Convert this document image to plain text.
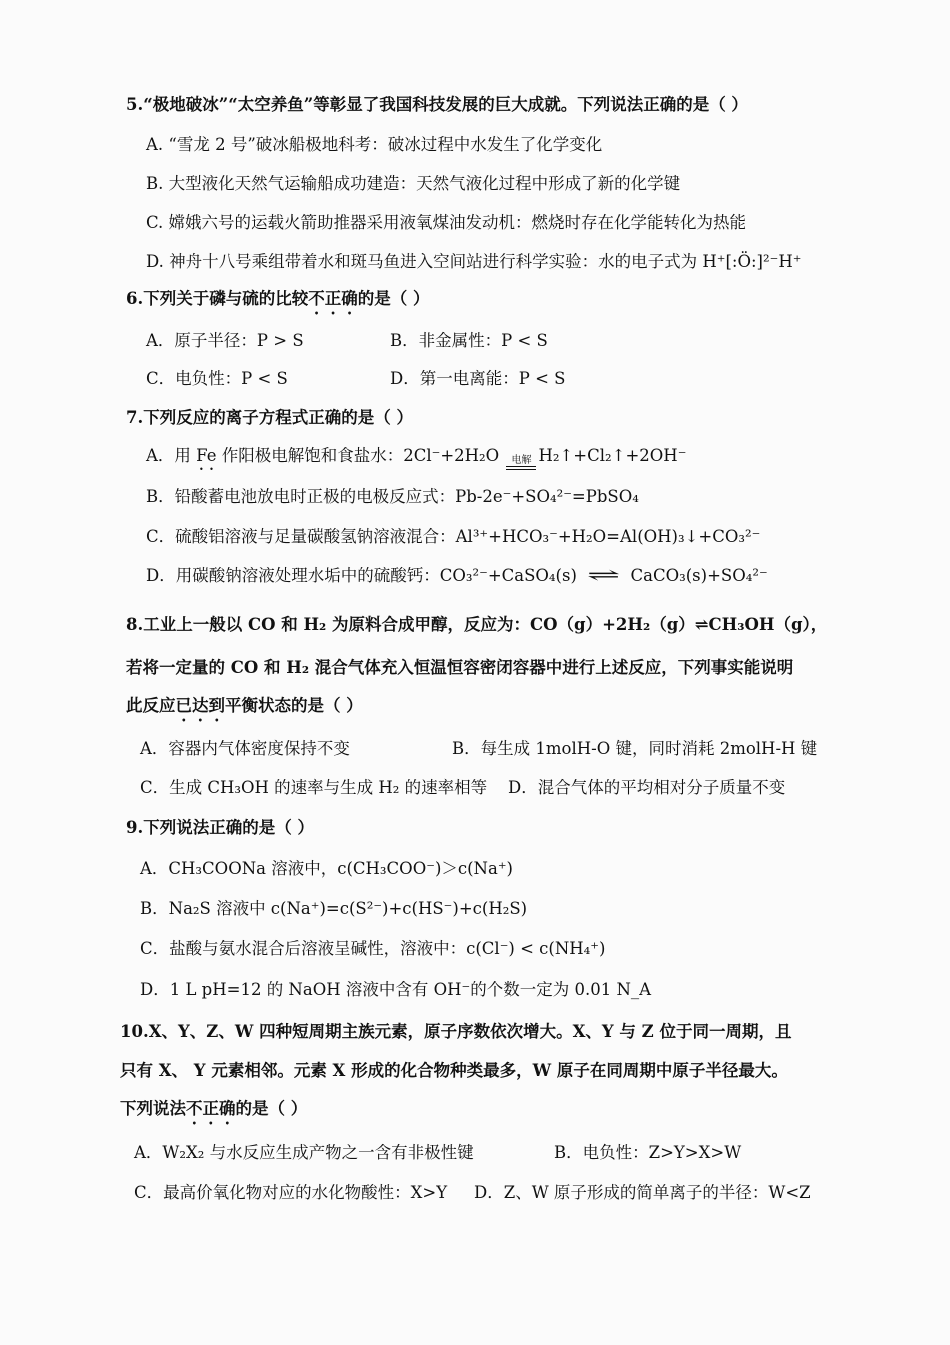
5.“极地破冰”“太空养鱼”等彰显了我国科技发展的巨大成就。下列说法正确的是（ ）
A. “雪龙 2 号”破冰船极地科考：破冰过程中水发生了化学变化
B. 大型液化天然气运输船成功建造：天然气液化过程中形成了新的化学键
C. 嫦娥六号的运载火箭助推器采用液氧煤油发动机：燃烧时存在化学能转化为热能
D. 神舟十八号乘组带着水和斑马鱼进入空间站进行科学实验：水的电子式为 H⁺[:Ö:]²⁻H⁺
6.下列关于磷与硫的比较不正确的是（ ）
A．原子半径：P > S	B．非金属性：P < S
C．电负性：P < S	D．第一电离能：P < S
7.下列反应的离子方程式正确的是（ ）
A．用 Fe 作阳极电解饱和食盐水：2Cl⁻+2H₂O	电解 H₂↑+Cl₂↑+2OH⁻
B．铅酸蓄电池放电时正极的电极反应式：Pb-2e⁻+SO₄²⁻=PbSO₄
C．硫酸铝溶液与足量碳酸氢钠溶液混合：Al³⁺+HCO₃⁻+H₂O=Al(OH)₃↓+CO₃²⁻
D．用碳酸钠溶液处理水垢中的硫酸钙：CO₃²⁻+CaSO₄(s) ⇌ CaCO₃(s)+SO₄²⁻
8.工业上一般以 CO 和 H₂ 为原料合成甲醇，反应为：CO（g）+2H₂（g）⇌CH₃OH（g），
若将一定量的 CO 和 H₂ 混合气体充入恒温恒容密闭容器中进行上述反应，下列事实能说明
此反应已达到平衡状态的是（ ）
A．容器内气体密度保持不变	B．每生成 1molH-O 键，同时消耗 2molH-H 键
C．生成 CH₃OH 的速率与生成 H₂ 的速率相等 D．混合气体的平均相对分子质量不变
9.下列说法正确的是（ ）
A．CH₃COONa 溶液中，c(CH₃COO⁻)＞c(Na⁺)
B．Na₂S 溶液中 c(Na⁺)=c(S²⁻)+c(HS⁻)+c(H₂S)
C．盐酸与氨水混合后溶液呈碱性，溶液中：c(Cl⁻) < c(NH₄⁺)
D．1 L pH=12 的 NaOH 溶液中含有 OH⁻的个数一定为 0.01 N_A
10.X、Y、Z、W 四种短周期主族元素，原子序数依次增大。X、Y 与 Z 位于同一周期，且
只有 X、 Y 元素相邻。元素 X 形成的化合物种类最多，W 原子在同周期中原子半径最大。
下列说法不正确的是（ ）
A．W₂X₂ 与水反应生成产物之一含有非极性键	B．电负性：Z>Y>X>W
C．最高价氧化物对应的水化物酸性：X>Y D．Z、W 原子形成的简单离子的半径：W<Z
